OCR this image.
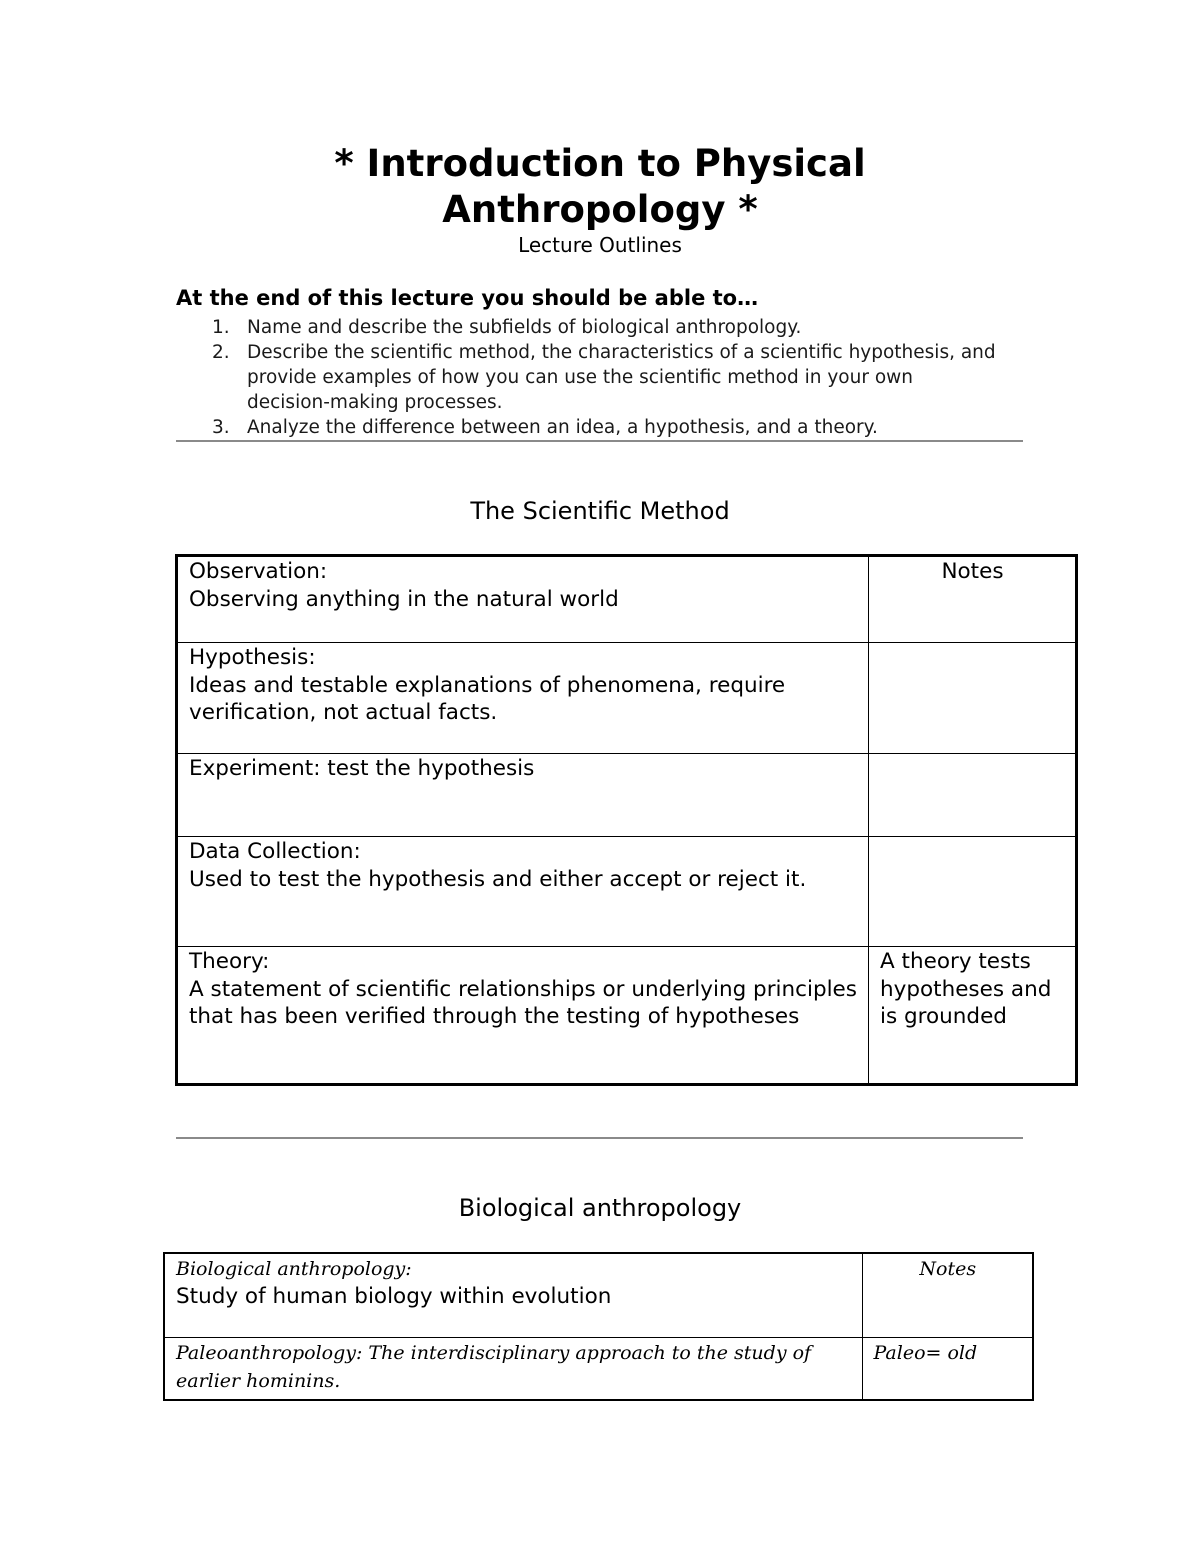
* Introduction to Physical
Anthropology *
Lecture Outlines
At the end of this lecture you should be able to…
1. Name and describe the subfields of biological anthropology.
2. Describe the scientific method, the characteristics of a scientific hypothesis, and provide examples of how you can use the scientific method in your own decision-making processes.
3. Analyze the difference between an idea, a hypothesis, and a theory.
The Scientific Method
Observation:
Observing anything in the natural world	Notes

Hypothesis:
Ideas and testable explanations of phenomena, require verification, not actual facts.	

Experiment: test the hypothesis	

Data Collection:
Used to test the hypothesis and either accept or reject it.	

Theory:
A statement of scientific relationships or underlying principles that has been verified through the testing of hypotheses	A theory tests hypotheses and is grounded
Biological anthropology
Biological anthropology:
Study of human biology within evolution	Notes

Paleoanthropology: The interdisciplinary approach to the study of earlier hominins.	Paleo= old
